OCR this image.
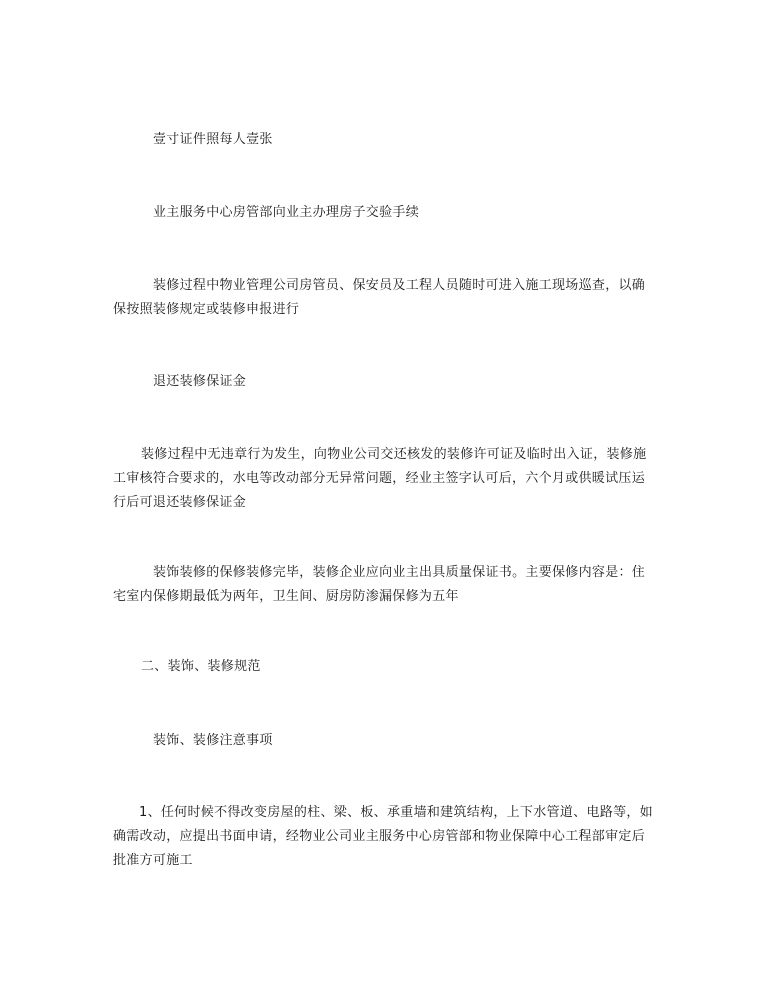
壹寸证件照每人壹张

业主服务中心房管部向业主办理房子交验手续

装修过程中物业管理公司房管员、保安员及工程人员随时可进入施工现场巡查，以确保按照装修规定或装修申报进行

退还装修保证金

装修过程中无违章行为发生，向物业公司交还核发的装修许可证及临时出入证，装修施工审核符合要求的，水电等改动部分无异常问题，经业主签字认可后，六个月或供暖试压运行后可退还装修保证金

装饰装修的保修装修完毕，装修企业应向业主出具质量保证书。主要保修内容是：住宅室内保修期最低为两年，卫生间、厨房防渗漏保修为五年

二、装饰、装修规范

装饰、装修注意事项

1、任何时候不得改变房屋的柱、梁、板、承重墙和建筑结构，上下水管道、电路等，如确需改动，应提出书面申请，经物业公司业主服务中心房管部和物业保障中心工程部审定后批准方可施工
